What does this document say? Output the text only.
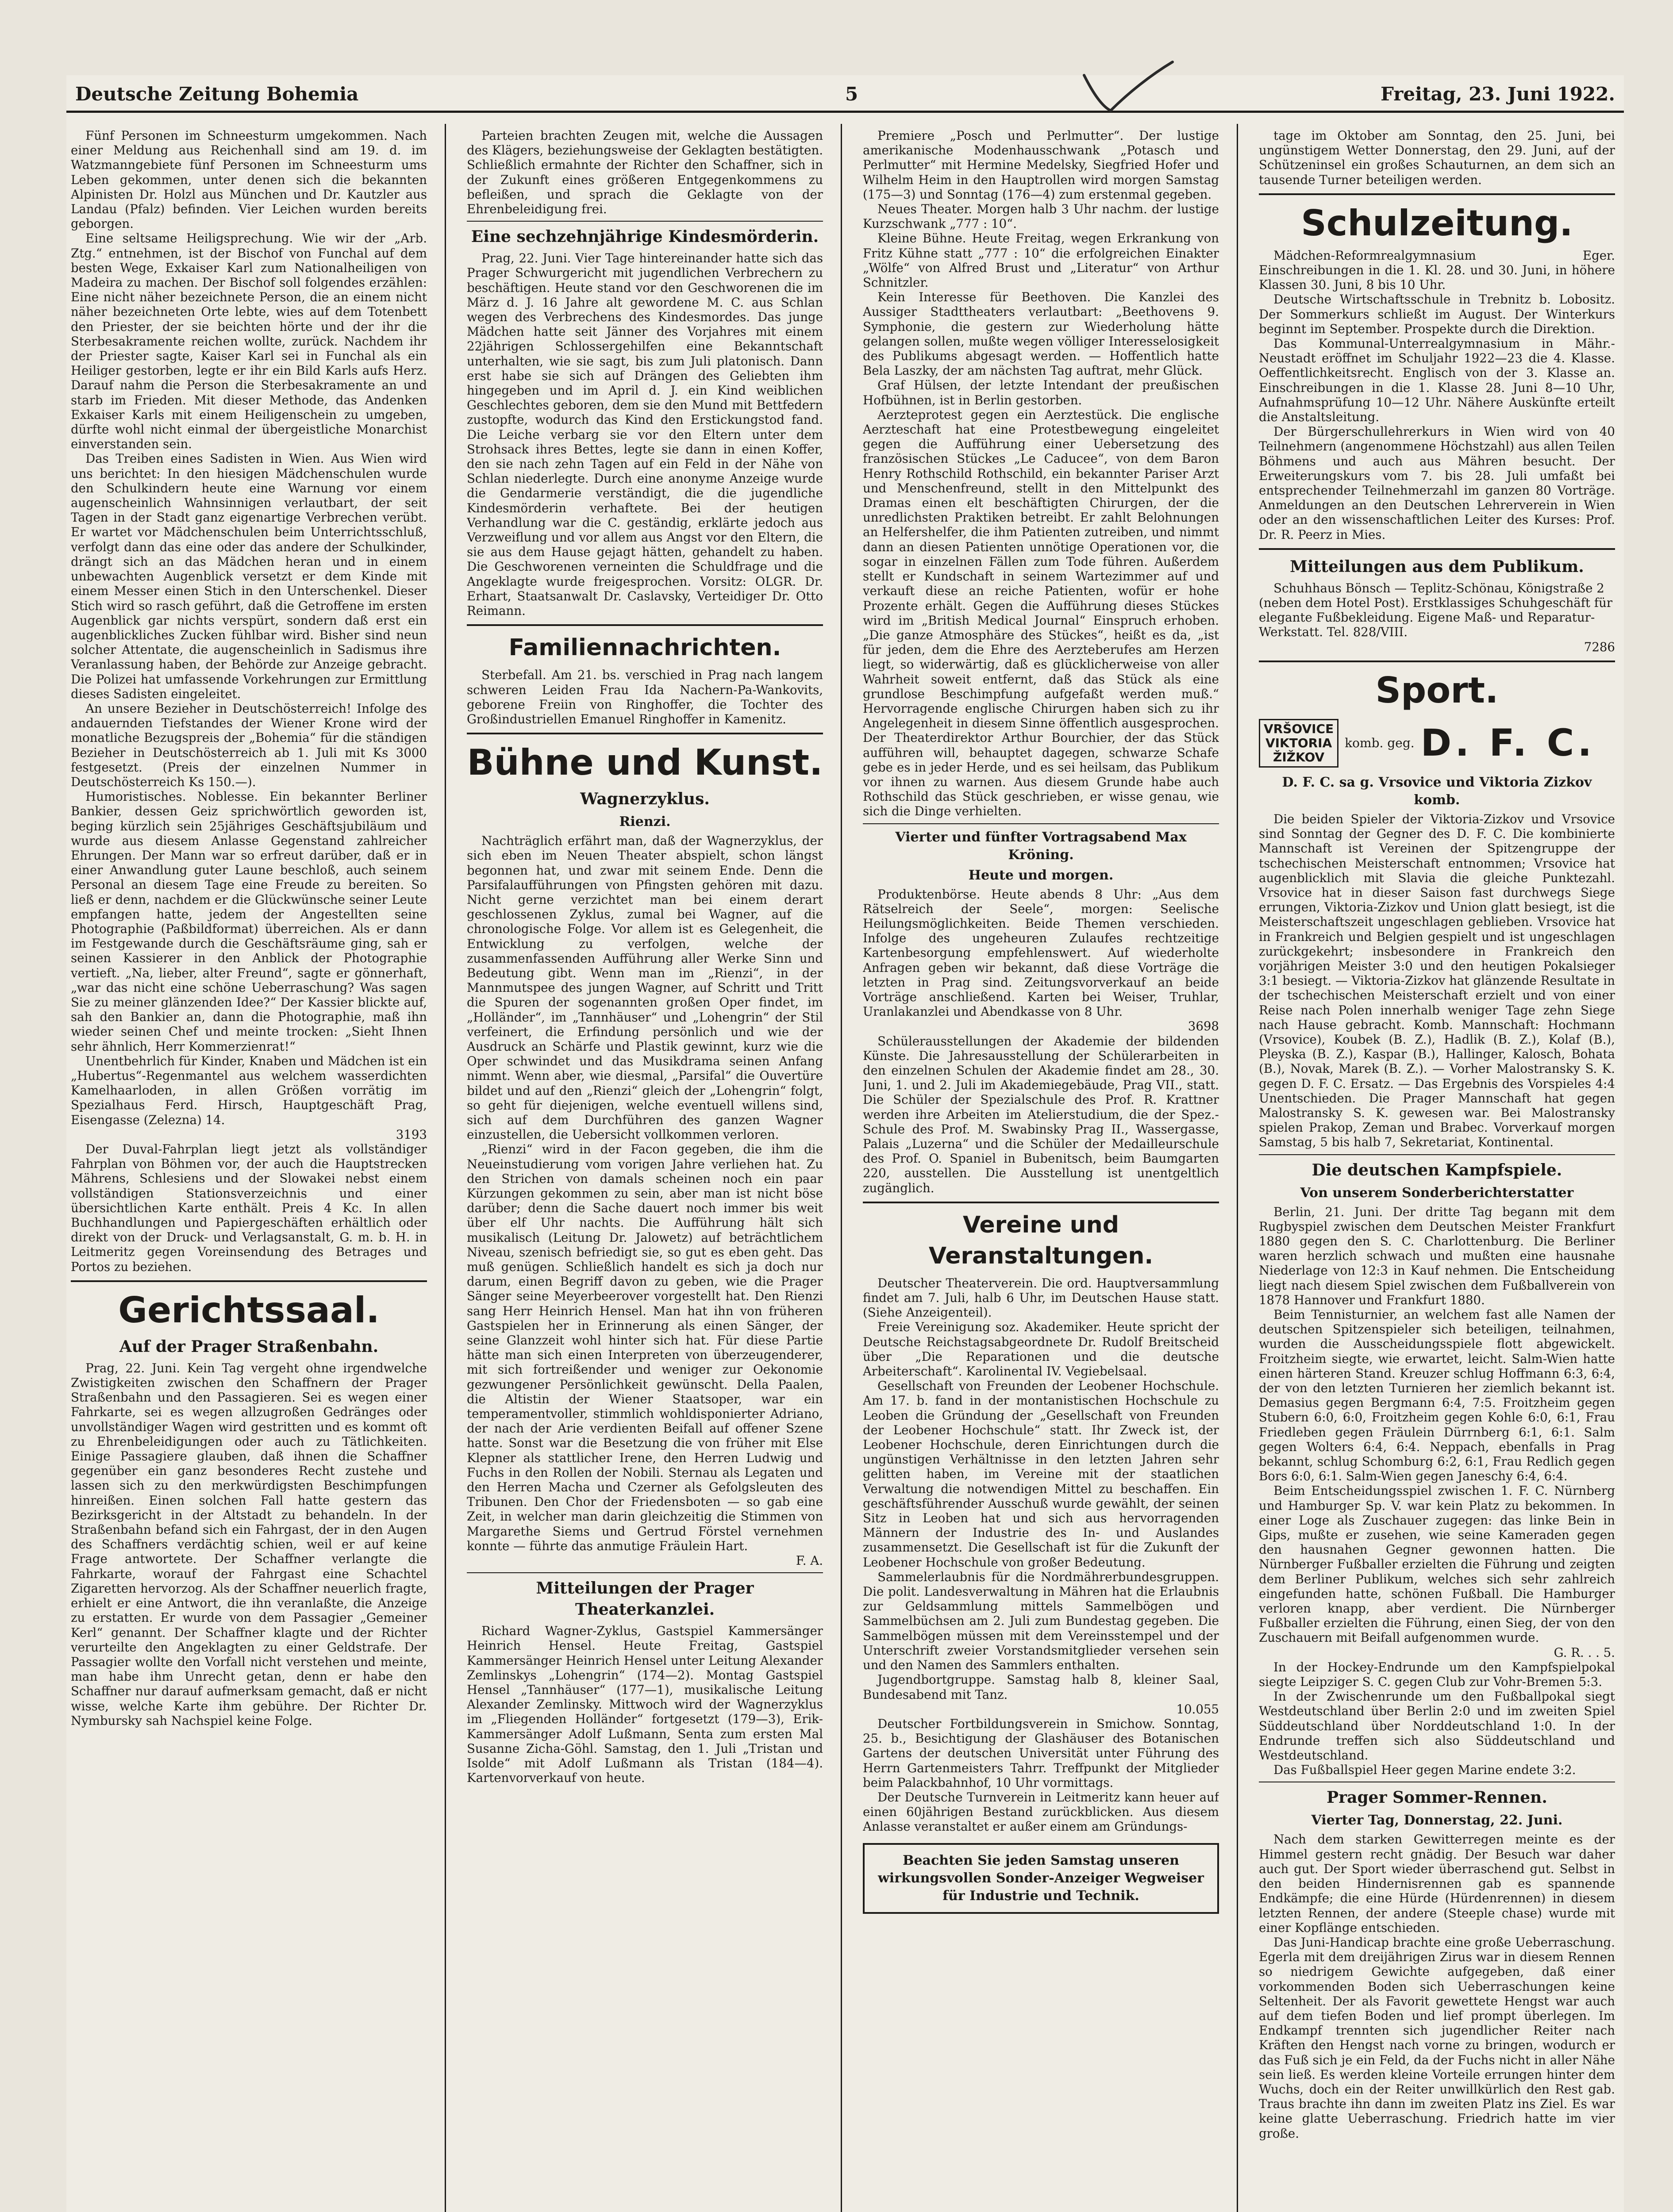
Deutsche Zeitung Bohemia	5	Freitag, 23. Juni 1922.

Fünf Personen im Schneesturm umgekommen. Nach einer Meldung aus Reichenhall sind am 19. d. im Watzmanngebiete fünf Personen im Schneesturm ums Leben gekommen, unter denen sich die bekannten Alpinisten Dr. Holzl aus München und Dr. Kautzler aus Landau (Pfalz) befinden. Vier Leichen wurden bereits geborgen.

Eine seltsame Heiligsprechung. Wie wir der „Arb. Ztg.“ entnehmen, ist der Bischof von Funchal auf dem besten Wege, Exkaiser Karl zum Nationalheiligen von Madeira zu machen. Der Bischof soll folgendes erzählen: Eine nicht näher bezeichnete Person, die an einem nicht näher bezeichneten Orte lebte, wies auf dem Totenbett den Priester, der sie beichten hörte und der ihr die Sterbesakramente reichen wollte, zurück. Nachdem ihr der Priester sagte, Kaiser Karl sei in Funchal als ein Heiliger gestorben, legte er ihr ein Bild Karls aufs Herz. Darauf nahm die Person die Sterbesakramente an und starb im Frieden. Mit dieser Methode, das Andenken Exkaiser Karls mit einem Heiligenschein zu umgeben, dürfte wohl nicht einmal der übergeistliche Monarchist einverstanden sein.

Das Treiben eines Sadisten in Wien. Aus Wien wird uns berichtet: In den hiesigen Mädchenschulen wurde den Schulkindern heute eine Warnung vor einem augenscheinlich Wahnsinnigen verlautbart, der seit Tagen in der Stadt ganz eigenartige Verbrechen verübt. Er wartet vor Mädchenschulen beim Unterrichtsschluß, verfolgt dann das eine oder das andere der Schulkinder, drängt sich an das Mädchen heran und in einem unbewachten Augenblick versetzt er dem Kinde mit einem Messer einen Stich in den Unterschenkel. Dieser Stich wird so rasch geführt, daß die Getroffene im ersten Augenblick gar nichts verspürt, sondern daß erst ein augenblickliches Zucken fühlbar wird. Bisher sind neun solcher Attentate, die augenscheinlich in Sadismus ihre Veranlassung haben, der Behörde zur Anzeige gebracht. Die Polizei hat umfassende Vorkehrungen zur Ermittlung dieses Sadisten eingeleitet.

An unsere Bezieher in Deutschösterreich! Infolge des andauernden Tiefstandes der Wiener Krone wird der monatliche Bezugspreis der „Bohemia“ für die ständigen Bezieher in Deutschösterreich ab 1. Juli mit Ks 3000 festgesetzt. (Preis der einzelnen Nummer in Deutschösterreich Ks 150.—).

Humoristisches. Noblesse. Ein bekannter Berliner Bankier, dessen Geiz sprichwörtlich geworden ist, beging kürzlich sein 25jähriges Geschäftsjubiläum und wurde aus diesem Anlasse Gegenstand zahlreicher Ehrungen. Der Mann war so erfreut darüber, daß er in einer Anwandlung guter Laune beschloß, auch seinem Personal an diesem Tage eine Freude zu bereiten. So ließ er denn, nachdem er die Glückwünsche seiner Leute empfangen hatte, jedem der Angestellten seine Photographie (Paßbildformat) überreichen. Als er dann im Festgewande durch die Geschäftsräume ging, sah er seinen Kassierer in den Anblick der Photographie vertieft. „Na, lieber, alter Freund“, sagte er gönnerhaft, „war das nicht eine schöne Ueberraschung? Was sagen Sie zu meiner glänzenden Idee?“ Der Kassier blickte auf, sah den Bankier an, dann die Photographie, maß ihn wieder seinen Chef und meinte trocken: „Sieht Ihnen sehr ähnlich, Herr Kommerzienrat!“

Unentbehrlich für Kinder, Knaben und Mädchen ist ein „Hubertus“-Regenmantel aus welchem wasserdichten Kamelhaarloden, in allen Größen vorrätig im Spezialhaus Ferd. Hirsch, Hauptgeschäft Prag, Eisengasse (Zelezna) 14.

3193

Der Duval-Fahrplan liegt jetzt als vollständiger Fahrplan von Böhmen vor, der auch die Hauptstrecken Mährens, Schlesiens und der Slowakei nebst einem vollständigen Stationsverzeichnis und einer übersichtlichen Karte enthält. Preis 4 Kc. In allen Buchhandlungen und Papiergeschäften erhältlich oder direkt von der Druck- und Verlagsanstalt, G. m. b. H. in Leitmeritz gegen Voreinsendung des Betrages und Portos zu beziehen.

Gerichtssaal.
Auf der Prager Straßenbahn.

Prag, 22. Juni. Kein Tag vergeht ohne irgendwelche Zwistigkeiten zwischen den Schaffnern der Prager Straßenbahn und den Passagieren. Sei es wegen einer Fahrkarte, sei es wegen allzugroßen Gedränges oder unvollständiger Wagen wird gestritten und es kommt oft zu Ehrenbeleidigungen oder auch zu Tätlichkeiten. Einige Passagiere glauben, daß ihnen die Schaffner gegenüber ein ganz besonderes Recht zustehe und lassen sich zu den merkwürdigsten Beschimpfungen hinreißen. Einen solchen Fall hatte gestern das Bezirksgericht in der Altstadt zu behandeln. In der Straßenbahn befand sich ein Fahrgast, der in den Augen des Schaffners verdächtig schien, weil er auf keine Frage antwortete. Der Schaffner verlangte die Fahrkarte, worauf der Fahrgast eine Schachtel Zigaretten hervorzog. Als der Schaffner neuerlich fragte, erhielt er eine Antwort, die ihn veranlaßte, die Anzeige zu erstatten. Er wurde von dem Passagier „Gemeiner Kerl“ genannt. Der Schaffner klagte und der Richter verurteilte den Angeklagten zu einer Geldstrafe. Der Passagier wollte den Vorfall nicht verstehen und meinte, man habe ihm Unrecht getan, denn er habe den Schaffner nur darauf aufmerksam gemacht, daß er nicht wisse, welche Karte ihm gebühre. Der Richter Dr. Nymbursky sah Nachspiel keine Folge.

Parteien brachten Zeugen mit, welche die Aussagen des Klägers, beziehungsweise der Geklagten bestätigten. Schließlich ermahnte der Richter den Schaffner, sich in der Zukunft eines größeren Entgegenkommens zu befleißen, und sprach die Geklagte von der Ehrenbeleidigung frei.

Eine sechzehnjährige Kindesmörderin.

Prag, 22. Juni. Vier Tage hintereinander hatte sich das Prager Schwurgericht mit jugendlichen Verbrechern zu beschäftigen. Heute stand vor den Geschworenen die im März d. J. 16 Jahre alt gewordene M. C. aus Schlan wegen des Verbrechens des Kindesmordes. Das junge Mädchen hatte seit Jänner des Vorjahres mit einem 22jährigen Schlossergehilfen eine Bekanntschaft unterhalten, wie sie sagt, bis zum Juli platonisch. Dann erst habe sie sich auf Drängen des Geliebten ihm hingegeben und im April d. J. ein Kind weiblichen Geschlechtes geboren, dem sie den Mund mit Bettfedern zustopfte, wodurch das Kind den Erstickungstod fand. Die Leiche verbarg sie vor den Eltern unter dem Strohsack ihres Bettes, legte sie dann in einen Koffer, den sie nach zehn Tagen auf ein Feld in der Nähe von Schlan niederlegte. Durch eine anonyme Anzeige wurde die Gendarmerie verständigt, die die jugendliche Kindesmörderin verhaftete. Bei der heutigen Verhandlung war die C. geständig, erklärte jedoch aus Verzweiflung und vor allem aus Angst vor den Eltern, die sie aus dem Hause gejagt hätten, gehandelt zu haben. Die Geschworenen verneinten die Schuldfrage und die Angeklagte wurde freigesprochen. Vorsitz: OLGR. Dr. Erhart, Staatsanwalt Dr. Caslavsky, Verteidiger Dr. Otto Reimann.

Familiennachrichten.

Sterbefall. Am 21. bs. verschied in Prag nach langem schweren Leiden Frau Ida Nachern-Pa-Wankovits, geborene Freiin von Ringhoffer, die Tochter des Großindustriellen Emanuel Ringhoffer in Kamenitz.

Bühne und Kunst.
Wagnerzyklus.
Rienzi.

Nachträglich erfährt man, daß der Wagnerzyklus, der sich eben im Neuen Theater abspielt, schon längst begonnen hat, und zwar mit seinem Ende. Denn die Parsifalaufführungen von Pfingsten gehören mit dazu. Nicht gerne verzichtet man bei einem derart geschlossenen Zyklus, zumal bei Wagner, auf die chronologische Folge. Vor allem ist es Gelegenheit, die Entwicklung zu verfolgen, welche der zusammenfassenden Aufführung aller Werke Sinn und Bedeutung gibt. Wenn man im „Rienzi“, in der Mannmutspee des jungen Wagner, auf Schritt und Tritt die Spuren der sogenannten großen Oper findet, im „Holländer“, im „Tannhäuser“ und „Lohengrin“ der Stil verfeinert, die Erfindung persönlich und wie der Ausdruck an Schärfe und Plastik gewinnt, kurz wie die Oper schwindet und das Musikdrama seinen Anfang nimmt. Wenn aber, wie diesmal, „Parsifal“ die Ouvertüre bildet und auf den „Rienzi“ gleich der „Lohengrin“ folgt, so geht für diejenigen, welche eventuell willens sind, sich auf dem Durchführen des ganzen Wagner einzustellen, die Uebersicht vollkommen verloren.

„Rienzi“ wird in der Facon gegeben, die ihm die Neueinstudierung vom vorigen Jahre verliehen hat. Zu den Strichen von damals scheinen noch ein paar Kürzungen gekommen zu sein, aber man ist nicht böse darüber; denn die Sache dauert noch immer bis weit über elf Uhr nachts. Die Aufführung hält sich musikalisch (Leitung Dr. Jalowetz) auf beträchtlichem Niveau, szenisch befriedigt sie, so gut es eben geht. Das muß genügen. Schließlich handelt es sich ja doch nur darum, einen Begriff davon zu geben, wie die Prager Sänger seine Meyerbeerover vorgestellt hat. Den Rienzi sang Herr Heinrich Hensel. Man hat ihn von früheren Gastspielen her in Erinnerung als einen Sänger, der seine Glanzzeit wohl hinter sich hat. Für diese Partie hätte man sich einen Interpreten von überzeugenderer, mit sich fortreißender und weniger zur Oekonomie gezwungener Persönlichkeit gewünscht. Della Paalen, die Altistin der Wiener Staatsoper, war ein temperamentvoller, stimmlich wohldisponierter Adriano, der nach der Arie verdienten Beifall auf offener Szene hatte. Sonst war die Besetzung die von früher mit Else Klepner als stattlicher Irene, den Herren Ludwig und Fuchs in den Rollen der Nobili. Sternau als Legaten und den Herren Macha und Czerner als Gefolgsleuten des Tribunen. Den Chor der Friedensboten — so gab eine Zeit, in welcher man darin gleichzeitig die Stimmen von Margarethe Siems und Gertrud Förstel vernehmen konnte — führte das anmutige Fräulein Hart.

F. A.
Mitteilungen der Prager Theaterkanzlei.

Richard Wagner-Zyklus, Gastspiel Kammersänger Heinrich Hensel. Heute Freitag, Gastspiel Kammersänger Heinrich Hensel unter Leitung Alexander Zemlinskys „Lohengrin“ (174—2). Montag Gastspiel Hensel „Tannhäuser“ (177—1), musikalische Leitung Alexander Zemlinsky. Mittwoch wird der Wagnerzyklus im „Fliegenden Holländer“ fortgesetzt (179—3), Erik-Kammersänger Adolf Lußmann, Senta zum ersten Mal Susanne Zicha-Göhl. Samstag, den 1. Juli „Tristan und Isolde“ mit Adolf Lußmann als Tristan (184—4). Kartenvorverkauf von heute.

Premiere „Posch und Perlmutter“. Der lustige amerikanische Modenhausschwank „Potasch und Perlmutter“ mit Hermine Medelsky, Siegfried Hofer und Wilhelm Heim in den Hauptrollen wird morgen Samstag (175—3) und Sonntag (176—4) zum erstenmal gegeben.

Neues Theater. Morgen halb 3 Uhr nachm. der lustige Kurzschwank „777 : 10“.

Kleine Bühne. Heute Freitag, wegen Erkrankung von Fritz Kühne statt „777 : 10“ die erfolgreichen Einakter „Wölfe“ von Alfred Brust und „Literatur“ von Arthur Schnitzler.

Kein Interesse für Beethoven. Die Kanzlei des Aussiger Stadttheaters verlautbart: „Beethovens 9. Symphonie, die gestern zur Wiederholung hätte gelangen sollen, mußte wegen völliger Interesselosigkeit des Publikums abgesagt werden. — Hoffentlich hatte Bela Laszky, der am nächsten Tag auftrat, mehr Glück.

Graf Hülsen, der letzte Intendant der preußischen Hofbühnen, ist in Berlin gestorben.

Aerzteprotest gegen ein Aerztestück. Die englische Aerzteschaft hat eine Protestbewegung eingeleitet gegen die Aufführung einer Uebersetzung des französischen Stückes „Le Caducee“, von dem Baron Henry Rothschild Rothschild, ein bekannter Pariser Arzt und Menschenfreund, stellt in den Mittelpunkt des Dramas einen elt beschäftigten Chirurgen, der die unredlichsten Praktiken betreibt. Er zahlt Belohnungen an Helfershelfer, die ihm Patienten zutreiben, und nimmt dann an diesen Patienten unnötige Operationen vor, die sogar in einzelnen Fällen zum Tode führen. Außerdem stellt er Kundschaft in seinem Wartezimmer auf und verkauft diese an reiche Patienten, wofür er hohe Prozente erhält. Gegen die Aufführung dieses Stückes wird im „British Medical Journal“ Einspruch erhoben. „Die ganze Atmosphäre des Stückes“, heißt es da, „ist für jeden, dem die Ehre des Aerzteberufes am Herzen liegt, so widerwärtig, daß es glücklicherweise von aller Wahrheit soweit entfernt, daß das Stück als eine grundlose Beschimpfung aufgefaßt werden muß.“ Hervorragende englische Chirurgen haben sich zu ihr Angelegenheit in diesem Sinne öffentlich ausgesprochen. Der Theaterdirektor Arthur Bourchier, der das Stück aufführen will, behauptet dagegen, schwarze Schafe gebe es in jeder Herde, und es sei heilsam, das Publikum vor ihnen zu warnen. Aus diesem Grunde habe auch Rothschild das Stück geschrieben, er wisse genau, wie sich die Dinge verhielten.

Vierter und fünfter Vortragsabend Max Kröning.
Heute und morgen.

Produktenbörse. Heute abends 8 Uhr: „Aus dem Rätselreich der Seele“, morgen: Seelische Heilungsmöglichkeiten. Beide Themen verschieden. Infolge des ungeheuren Zulaufes rechtzeitige Kartenbesorgung empfehlenswert. Auf wiederholte Anfragen geben wir bekannt, daß diese Vorträge die letzten in Prag sind. Zeitungsvorverkauf an beide Vorträge anschließend. Karten bei Weiser, Truhlar, Uranlakanzlei und Abendkasse von 8 Uhr.

3698

Schülerausstellungen der Akademie der bildenden Künste. Die Jahresausstellung der Schülerarbeiten in den einzelnen Schulen der Akademie findet am 28., 30. Juni, 1. und 2. Juli im Akademiegebäude, Prag VII., statt. Die Schüler der Spezialschule des Prof. R. Krattner werden ihre Arbeiten im Atelierstudium, die der Spez.-Schule des Prof. M. Swabinsky Prag II., Wassergasse, Palais „Luzerna“ und die Schüler der Medailleurschule des Prof. O. Spaniel in Bubenitsch, beim Baumgarten 220, ausstellen. Die Ausstellung ist unentgeltlich zugänglich.

Vereine und Veranstaltungen.

Deutscher Theaterverein. Die ord. Hauptversammlung findet am 7. Juli, halb 6 Uhr, im Deutschen Hause statt. (Siehe Anzeigenteil).

Freie Vereinigung soz. Akademiker. Heute spricht der Deutsche Reichstagsabgeordnete Dr. Rudolf Breitscheid über „Die Reparationen und die deutsche Arbeiterschaft“. Karolinental IV. Vegiebelsaal.

Gesellschaft von Freunden der Leobener Hochschule. Am 17. b. fand in der montanistischen Hochschule zu Leoben die Gründung der „Gesellschaft von Freunden der Leobener Hochschule“ statt. Ihr Zweck ist, der Leobener Hochschule, deren Einrichtungen durch die ungünstigen Verhältnisse in den letzten Jahren sehr gelitten haben, im Vereine mit der staatlichen Verwaltung die notwendigen Mittel zu beschaffen. Ein geschäftsführender Ausschuß wurde gewählt, der seinen Sitz in Leoben hat und sich aus hervorragenden Männern der Industrie des In- und Auslandes zusammensetzt. Die Gesellschaft ist für die Zukunft der Leobener Hochschule von großer Bedeutung.

Sammelerlaubnis für die Nordmährerbundesgruppen. Die polit. Landesverwaltung in Mähren hat die Erlaubnis zur Geldsammlung mittels Sammelbögen und Sammelbüchsen am 2. Juli zum Bundestag gegeben. Die Sammelbögen müssen mit dem Vereinsstempel und der Unterschrift zweier Vorstandsmitglieder versehen sein und den Namen des Sammlers enthalten.

Jugendbortgruppe. Samstag halb 8, kleiner Saal, Bundesabend mit Tanz.

10.055

Deutscher Fortbildungsverein in Smichow. Sonntag, 25. b., Besichtigung der Glashäuser des Botanischen Gartens der deutschen Universität unter Führung des Herrn Gartenmeisters Tahrr. Treffpunkt der Mitglieder beim Palackbahnhof, 10 Uhr vormittags.

Der Deutsche Turnverein in Leitmeritz kann heuer auf einen 60jährigen Bestand zurückblicken. Aus diesem Anlasse veranstaltet er außer einem am Gründungs-

Beachten Sie jeden Samstag unseren wirkungsvollen Sonder-Anzeiger Wegweiser für Industrie und Technik.

tage im Oktober am Sonntag, den 25. Juni, bei ungünstigem Wetter Donnerstag, den 29. Juni, auf der Schützeninsel ein großes Schauturnen, an dem sich an tausende Turner beteiligen werden.

Schulzeitung.

Mädchen-Reformrealgymnasium Eger. Einschreibungen in die 1. Kl. 28. und 30. Juni, in höhere Klassen 30. Juni, 8 bis 10 Uhr.

Deutsche Wirtschaftsschule in Trebnitz b. Lobositz. Der Sommerkurs schließt im August. Der Winterkurs beginnt im September. Prospekte durch die Direktion.

Das Kommunal-Unterrealgymnasium in Mähr.-Neustadt eröffnet im Schuljahr 1922—23 die 4. Klasse. Oeffentlichkeitsrecht. Englisch von der 3. Klasse an. Einschreibungen in die 1. Klasse 28. Juni 8—10 Uhr, Aufnahmsprüfung 10—12 Uhr. Nähere Auskünfte erteilt die Anstaltsleitung.

Der Bürgerschullehrerkurs in Wien wird von 40 Teilnehmern (angenommene Höchstzahl) aus allen Teilen Böhmens und auch aus Mähren besucht. Der Erweiterungskurs vom 7. bis 28. Juli umfaßt bei entsprechender Teilnehmerzahl im ganzen 80 Vorträge. Anmeldungen an den Deutschen Lehrerverein in Wien oder an den wissenschaftlichen Leiter des Kurses: Prof. Dr. R. Peerz in Mies.

Mitteilungen aus dem Publikum.

Schuhhaus Bönsch — Teplitz-Schönau, Königstraße 2 (neben dem Hotel Post). Erstklassiges Schuhgeschäft für elegante Fußbekleidung. Eigene Maß- und Reparatur-Werkstatt. Tel. 828/VIII.

7286
Sport.
VRŠOVICE
VIKTORIA
ŽIŽKOV
komb. geg. D. F. C.
D. F. C. sa g. Vrsovice und Viktoria Zizkov komb.

Die beiden Spieler der Viktoria-Zizkov und Vrsovice sind Sonntag der Gegner des D. F. C. Die kombinierte Mannschaft ist Vereinen der Spitzengruppe der tschechischen Meisterschaft entnommen; Vrsovice hat augenblicklich mit Slavia die gleiche Punktezahl. Vrsovice hat in dieser Saison fast durchwegs Siege errungen, Viktoria-Zizkov und Union glatt besiegt, ist die Meisterschaftszeit ungeschlagen geblieben. Vrsovice hat in Frankreich und Belgien gespielt und ist ungeschlagen zurückgekehrt; insbesondere in Frankreich den vorjährigen Meister 3:0 und den heutigen Pokalsieger 3:1 besiegt. — Viktoria-Zizkov hat glänzende Resultate in der tschechischen Meisterschaft erzielt und von einer Reise nach Polen innerhalb weniger Tage zehn Siege nach Hause gebracht. Komb. Mannschaft: Hochmann (Vrsovice), Koubek (B. Z.), Hadlik (B. Z.), Kolaf (B.), Pleyska (B. Z.), Kaspar (B.), Hallinger, Kalosch, Bohata (B.), Novak, Marek (B. Z.). — Vorher Malostransky S. K. gegen D. F. C. Ersatz. — Das Ergebnis des Vorspieles 4:4 Unentschieden. Die Prager Mannschaft hat gegen Malostransky S. K. gewesen war. Bei Malostransky spielen Prakop, Zeman und Brabec. Vorverkauf morgen Samstag, 5 bis halb 7, Sekretariat, Kontinental.

Die deutschen Kampfspiele.
Von unserem Sonderberichterstatter

Berlin, 21. Juni. Der dritte Tag begann mit dem Rugbyspiel zwischen dem Deutschen Meister Frankfurt 1880 gegen den S. C. Charlottenburg. Die Berliner waren herzlich schwach und mußten eine hausnahe Niederlage von 12:3 in Kauf nehmen. Die Entscheidung liegt nach diesem Spiel zwischen dem Fußballverein von 1878 Hannover und Frankfurt 1880.

Beim Tennisturnier, an welchem fast alle Namen der deutschen Spitzenspieler sich beteiligen, teilnahmen, wurden die Ausscheidungsspiele flott abgewickelt. Froitzheim siegte, wie erwartet, leicht. Salm-Wien hatte einen härteren Stand. Kreuzer schlug Hoffmann 6:3, 6:4, der von den letzten Turnieren her ziemlich bekannt ist. Demasius gegen Bergmann 6:4, 7:5. Froitzheim gegen Stubern 6:0, 6:0, Froitzheim gegen Kohle 6:0, 6:1, Frau Friedleben gegen Fräulein Dürrnberg 6:1, 6:1. Salm gegen Wolters 6:4, 6:4. Neppach, ebenfalls in Prag bekannt, schlug Schomburg 6:2, 6:1, Frau Redlich gegen Bors 6:0, 6:1. Salm-Wien gegen Janeschy 6:4, 6:4.

Beim Entscheidungsspiel zwischen 1. F. C. Nürnberg und Hamburger Sp. V. war kein Platz zu bekommen. In einer Loge als Zuschauer zugegen: das linke Bein in Gips, mußte er zusehen, wie seine Kameraden gegen den hausnahen Gegner gewonnen hatten. Die Nürnberger Fußballer erzielten die Führung und zeigten dem Berliner Publikum, welches sich sehr zahlreich eingefunden hatte, schönen Fußball. Die Hamburger verloren knapp, aber verdient. Die Nürnberger Fußballer erzielten die Führung, einen Sieg, der von den Zuschauern mit Beifall aufgenommen wurde.

G. R. . . 5.

In der Hockey-Endrunde um den Kampfspielpokal siegte Leipziger S. C. gegen Club zur Vohr-Bremen 5:3.

In der Zwischenrunde um den Fußballpokal siegt Westdeutschland über Berlin 2:0 und im zweiten Spiel Süddeutschland über Norddeutschland 1:0. In der Endrunde treffen sich also Süddeutschland und Westdeutschland.

Das Fußballspiel Heer gegen Marine endete 3:2.

Prager Sommer-Rennen.
Vierter Tag, Donnerstag, 22. Juni.

Nach dem starken Gewitterregen meinte es der Himmel gestern recht gnädig. Der Besuch war daher auch gut. Der Sport wieder überraschend gut. Selbst in den beiden Hindernisrennen gab es spannende Endkämpfe; die eine Hürde (Hürdenrennen) in diesem letzten Rennen, der andere (Steeple chase) wurde mit einer Kopflänge entschieden.

Das Juni-Handicap brachte eine große Ueberraschung. Egerla mit dem dreijährigen Zirus war in diesem Rennen so niedrigem Gewichte aufgegeben, daß einer vorkommenden Boden sich Ueberraschungen keine Seltenheit. Der als Favorit gewettete Hengst war auch auf dem tiefen Boden und lief prompt überlegen. Im Endkampf trennten sich jugendlicher Reiter nach Kräften den Hengst nach vorne zu bringen, wodurch er das Fuß sich je ein Feld, da der Fuchs nicht in aller Nähe sein ließ. Es werden kleine Vorteile errungen hinter dem Wuchs, doch ein der Reiter unwillkürlich den Rest gab. Traus brachte ihn dann im zweiten Platz ins Ziel. Es war keine glatte Ueberraschung. Friedrich hatte im vier große.
